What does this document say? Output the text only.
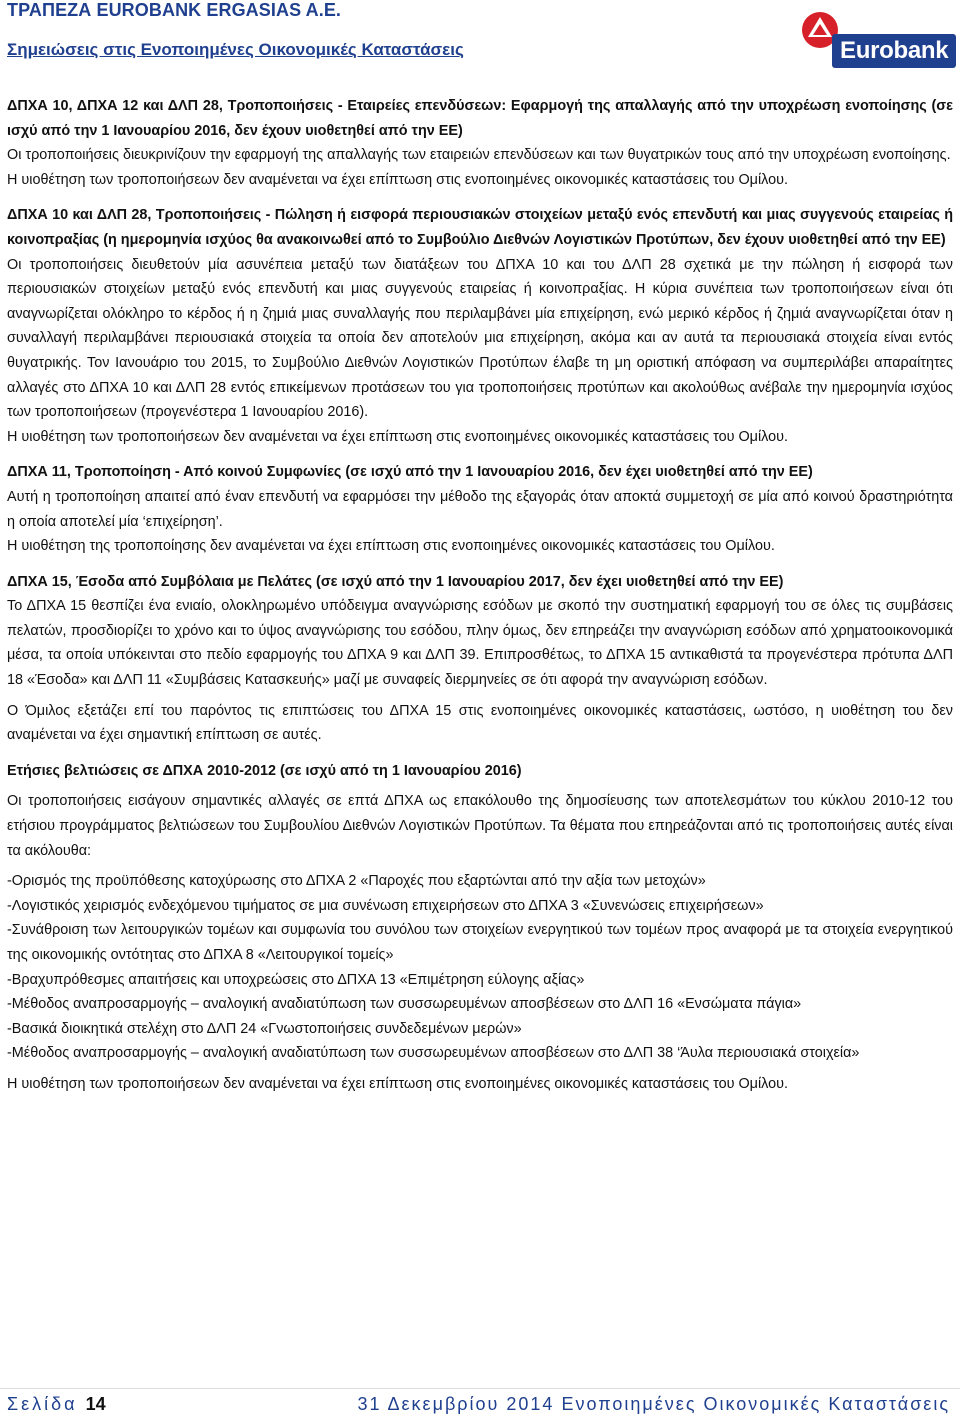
ΤΡΑΠΕΖΑ EUROBANK ERGASIAS A.E.
Σημειώσεις στις Ενοποιημένες Οικονομικές Καταστάσεις	Eurobank

ΔΠΧΑ 10, ΔΠΧΑ 12 και ΔΛΠ 28, Τροποποιήσεις - Εταιρείες επενδύσεων: Εφαρμογή της απαλλαγής από την υποχρέωση ενοποίησης (σε ισχύ από την 1 Ιανουαρίου 2016, δεν έχουν υιοθετηθεί από την ΕΕ)

Οι τροποποιήσεις διευκρινίζουν την εφαρμογή της απαλλαγής των εταιρειών επενδύσεων και των θυγατρικών τους από την υποχρέωση ενοποίησης.

Η υιοθέτηση των τροποποιήσεων δεν αναμένεται να έχει επίπτωση στις ενοποιημένες οικονομικές καταστάσεις του Ομίλου.

ΔΠΧΑ 10 και ΔΛΠ 28, Τροποποιήσεις - Πώληση ή εισφορά περιουσιακών στοιχείων μεταξύ ενός επενδυτή και μιας συγγενούς εταιρείας ή κοινοπραξίας (η ημερομηνία ισχύος θα ανακοινωθεί από το Συμβούλιο Διεθνών Λογιστικών Προτύπων, δεν έχουν υιοθετηθεί από την ΕΕ)

Οι τροποποιήσεις διευθετούν μία ασυνέπεια μεταξύ των διατάξεων του ΔΠΧΑ 10 και του ΔΛΠ 28 σχετικά με την πώληση ή εισφορά των περιουσιακών στοιχείων μεταξύ ενός επενδυτή και μιας συγγενούς εταιρείας ή κοινοπραξίας. Η κύρια συνέπεια των τροποποιήσεων είναι ότι αναγνωρίζεται ολόκληρο το κέρδος ή η ζημιά μιας συναλλαγής που περιλαμβάνει μία επιχείρηση, ενώ μερικό κέρδος ή ζημιά αναγνωρίζεται όταν η συναλλαγή περιλαμβάνει περιουσιακά στοιχεία τα οποία δεν αποτελούν μια επιχείρηση, ακόμα και αν αυτά τα περιουσιακά στοιχεία είναι εντός θυγατρικής. Τον Ιανουάριο του 2015, το Συμβούλιο Διεθνών Λογιστικών Προτύπων έλαβε τη μη οριστική απόφαση να συμπεριλάβει απαραίτητες αλλαγές στο ΔΠΧΑ 10 και ΔΛΠ 28 εντός επικείμενων προτάσεων του για τροποποιήσεις προτύπων και ακολούθως ανέβαλε την ημερομηνία ισχύος των τροποποιήσεων (προγενέστερα 1 Ιανουαρίου 2016).

Η υιοθέτηση των τροποποιήσεων δεν αναμένεται να έχει επίπτωση στις ενοποιημένες οικονομικές καταστάσεις του Ομίλου.

ΔΠΧΑ 11, Τροποποίηση - Από κοινού Συμφωνίες (σε ισχύ από την 1 Ιανουαρίου 2016, δεν έχει υιοθετηθεί από την ΕΕ)

Αυτή η τροποποίηση απαιτεί από έναν επενδυτή να εφαρμόσει την μέθοδο της εξαγοράς όταν αποκτά συμμετοχή σε μία από κοινού δραστηριότητα η οποία αποτελεί μία ‘επιχείρηση’.

Η υιοθέτηση της τροποποίησης δεν αναμένεται να έχει επίπτωση στις ενοποιημένες οικονομικές καταστάσεις του Ομίλου.

ΔΠΧΑ 15, Έσοδα από Συμβόλαια με Πελάτες (σε ισχύ από την 1 Ιανουαρίου 2017, δεν έχει υιοθετηθεί από την ΕΕ)

Το ΔΠΧΑ 15 θεσπίζει ένα ενιαίο, ολοκληρωμένο υπόδειγμα αναγνώρισης εσόδων με σκοπό την συστηματική εφαρμογή του σε όλες τις συμβάσεις πελατών, προσδιορίζει το χρόνο και το ύψος αναγνώρισης του εσόδου, πλην όμως, δεν επηρεάζει την αναγνώριση εσόδων από χρηματοοικονομικά μέσα, τα οποία υπόκεινται στο πεδίο εφαρμογής του ΔΠΧΑ 9 και ΔΛΠ 39. Επιπροσθέτως, το ΔΠΧΑ 15 αντικαθιστά τα προγενέστερα πρότυπα ΔΛΠ 18 «Έσοδα» και ΔΛΠ 11 «Συμβάσεις Κατασκευής» μαζί με συναφείς διερμηνείες σε ότι αφορά την αναγνώριση εσόδων.

Ο Όμιλος εξετάζει επί του παρόντος τις επιπτώσεις του ΔΠΧΑ 15 στις ενοποιημένες οικονομικές καταστάσεις, ωστόσο, η υιοθέτηση του δεν αναμένεται να έχει σημαντική επίπτωση σε αυτές.

Ετήσιες βελτιώσεις σε ΔΠΧΑ 2010-2012 (σε ισχύ από τη 1 Ιανουαρίου 2016)

Οι τροποποιήσεις εισάγουν σημαντικές αλλαγές σε επτά ΔΠΧΑ ως επακόλουθο της δημοσίευσης των αποτελεσμάτων του κύκλου 2010-12 του ετήσιου προγράμματος βελτιώσεων του Συμβουλίου Διεθνών Λογιστικών Προτύπων. Τα θέματα που επηρεάζονται από τις τροποποιήσεις αυτές είναι τα ακόλουθα:

-Ορισμός της προϋπόθεσης κατοχύρωσης στο ΔΠΧΑ 2 «Παροχές που εξαρτώνται από την αξία των μετοχών»

-Λογιστικός χειρισμός ενδεχόμενου τιμήματος σε μια συνένωση επιχειρήσεων στο ΔΠΧΑ 3 «Συνενώσεις επιχειρήσεων»

-Συνάθροιση των λειτουργικών τομέων και συμφωνία του συνόλου των στοιχείων ενεργητικού των τομέων προς αναφορά με τα στοιχεία ενεργητικού της οικονομικής οντότητας στο ΔΠΧΑ 8 «Λειτουργικοί τομείς»

-Βραχυπρόθεσμες απαιτήσεις και υποχρεώσεις στο ΔΠΧΑ 13 «Επιμέτρηση εύλογης αξίας»

-Μέθοδος αναπροσαρμογής – αναλογική αναδιατύπωση των συσσωρευμένων αποσβέσεων στο ΔΛΠ 16 «Ενσώματα πάγια»

-Βασικά διοικητικά στελέχη στο ΔΛΠ 24 «Γνωστοποιήσεις συνδεδεμένων μερών»

-Μέθοδος αναπροσαρμογής – αναλογική αναδιατύπωση των συσσωρευμένων αποσβέσεων στο ΔΛΠ 38 ‘Άυλα περιουσιακά στοιχεία»

Η υιοθέτηση των τροποποιήσεων δεν αναμένεται να έχει επίπτωση στις ενοποιημένες οικονομικές καταστάσεις του Ομίλου.

Σελίδα 14	31 Δεκεμβρίου 2014 Ενοποιημένες Οικονομικές Καταστάσεις
